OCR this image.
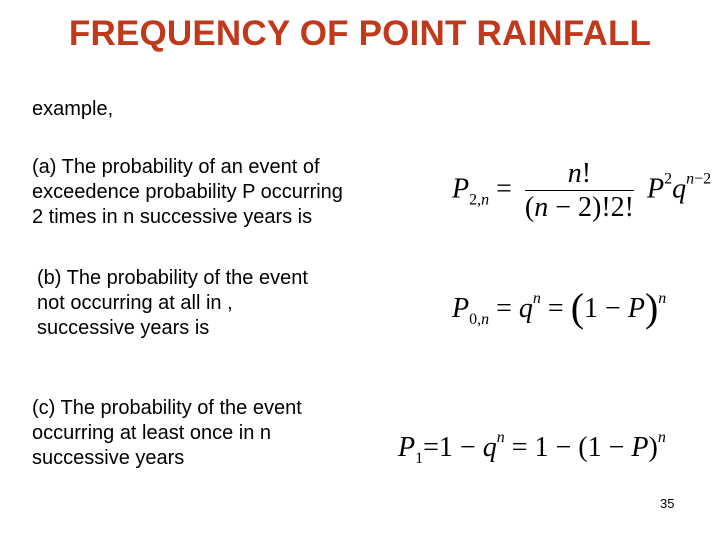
FREQUENCY OF POINT RAINFALL
example,
(a) The probability of an event of
exceedence probability P occurring
2 times in n successive years is
$P_{2,n} = \frac{n!}{(n - 2)!2!} P^2q^{n-2}$
(b) The probability of the event
not occurring at all in ,
successive years is
$P_{0,n} = q^n = (1 - P)^n$
(c) The probability of the event
occurring at least once in n
successive years	$P_1=1 - q^n = 1 - (1 - P)^n$
35
